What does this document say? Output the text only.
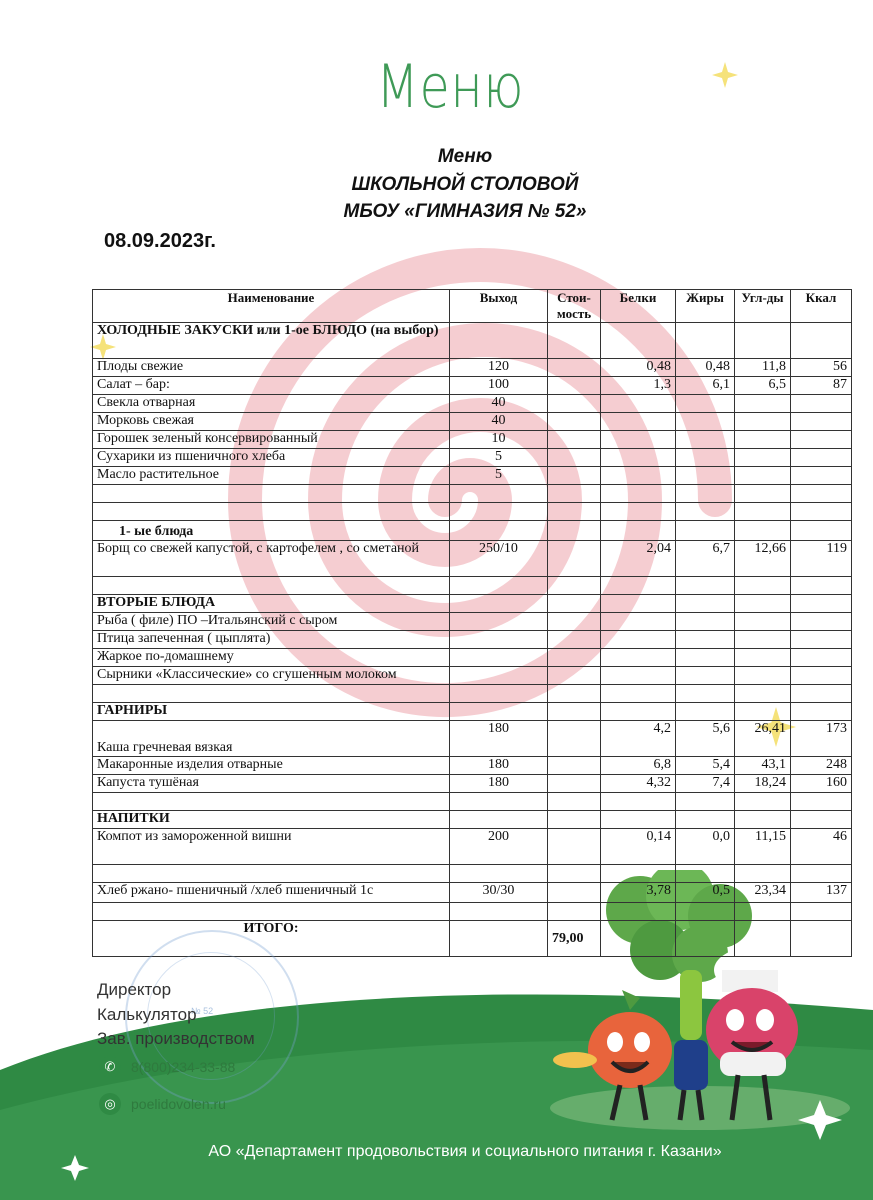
Меню
Меню
ШКОЛЬНОЙ СТОЛОВОЙ
МБОУ «ГИМНАЗИЯ № 52»
08.09.2023г.
Наименование	Выход	Стои-мость	Белки	Жиры	Угл-ды	Ккал
ХОЛОДНЫЕ ЗАКУСКИ или 1-ое БЛЮДО (на выбор)						
Плоды свежие	120		0,48	0,48	11,8	56
Салат – бар:	100		1,3	6,1	6,5	87
Свекла отварная	40					
Морковь свежая	40					
Горошек зеленый консервированный	10					
Сухарики из пшеничного хлеба	5					
Масло растительное	5					

1- ые блюда						
Борщ со свежей капустой, с картофелем , со сметаной	250/10		2,04	6,7	12,66	119

ВТОРЫЕ БЛЮДА						
Рыба ( филе) ПО –Итальянский с сыром						
Птица запеченная ( цыплята)						
Жаркое по-домашнему						
Сырники «Классические» со сгушенным молоком						

ГАРНИРЫ						
Каша гречневая вязкая	180		4,2	5,6	26,41	173
Макаронные изделия отварные	180		6,8	5,4	43,1	248
Капуста тушёная	180		4,32	7,4	18,24	160

НАПИТКИ						
Компот из замороженной вишни	200		0,14	0,0	11,15	46

Хлеб ржано- пшеничный /хлеб пшеничный 1с	30/30		3,78	0,5	23,34	137

ИТОГО:		79,00				
№ 52
Директор
Калькулятор
Зав. производством
✆	8(800)234-33-88
◎	poelidovolen.ru
АО «Департамент продовольствия и социального питания г. Казани»
